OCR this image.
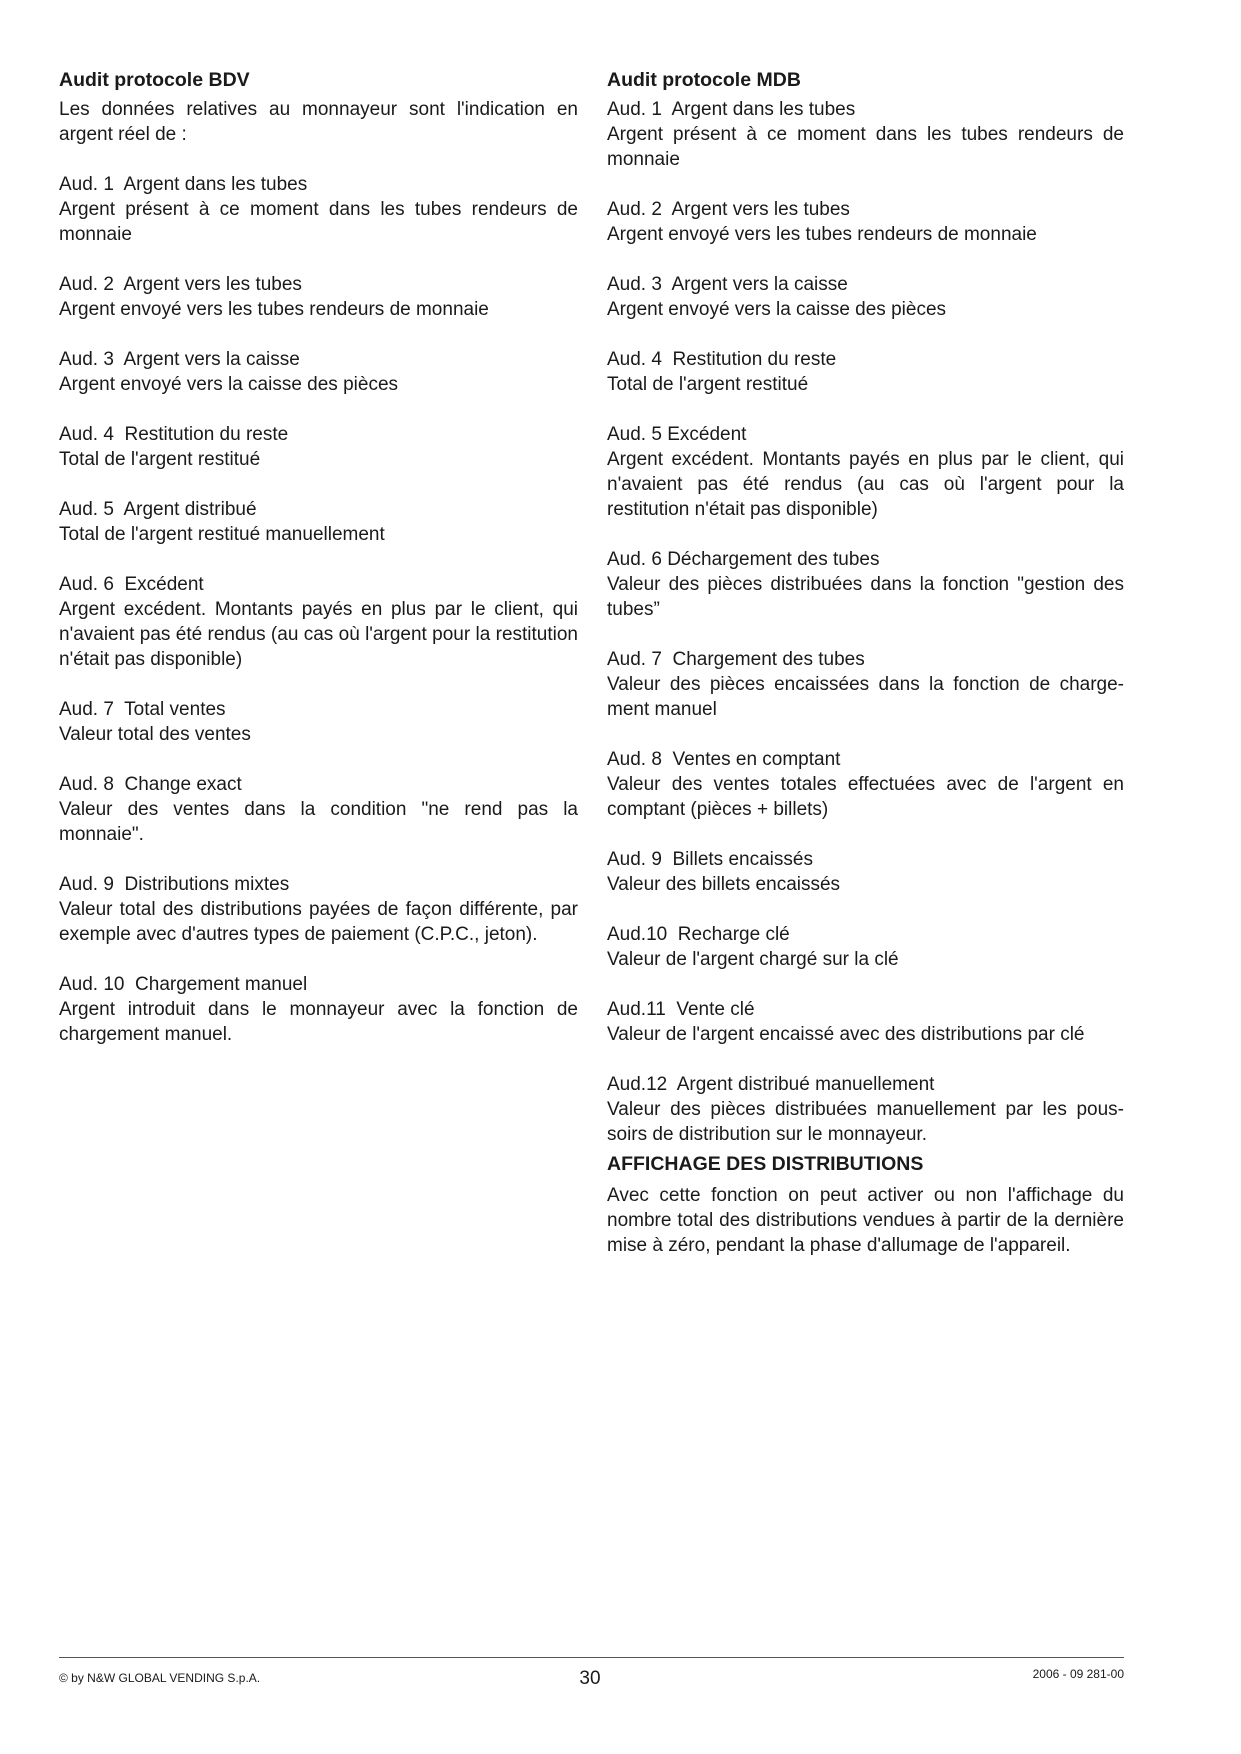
Audit protocole BDV
Les données relatives au monnayeur sont l'indication en argent réel de :
Aud. 1  Argent dans les tubes
Argent présent à ce moment dans les tubes rendeurs de monnaie
Aud. 2  Argent vers les tubes
Argent envoyé vers les tubes rendeurs de monnaie
Aud. 3  Argent vers la caisse
Argent envoyé vers la caisse des pièces
Aud. 4  Restitution du reste
Total de l'argent restitué
Aud. 5  Argent distribué
Total de l'argent restitué manuellement
Aud. 6  Excédent
Argent excédent. Montants payés en plus par le client, qui n'avaient pas été rendus (au cas où l'argent pour la restitution n'était pas disponible)
Aud. 7  Total ventes
Valeur total des ventes
Aud. 8  Change exact
Valeur des ventes dans la condition "ne rend pas la monnaie".
Aud. 9  Distributions mixtes
Valeur total des distributions payées de façon différente, par exemple avec d'autres types de paiement (C.P.C., jeton).
Aud. 10  Chargement manuel
Argent introduit dans le monnayeur avec la fonction de chargement manuel.
Audit protocole MDB
Aud. 1  Argent dans les tubes
Argent présent à ce moment dans les tubes rendeurs de monnaie
Aud. 2  Argent vers les tubes
Argent envoyé vers les tubes rendeurs de monnaie
Aud. 3  Argent vers la caisse
Argent envoyé vers la caisse des pièces
Aud. 4  Restitution du reste
Total de l'argent restitué
Aud. 5 Excédent
Argent excédent. Montants payés en plus par le client, qui n'avaient pas été rendus (au cas où l'argent pour la restitution n'était pas disponible)
Aud. 6 Déchargement des tubes
Valeur des pièces distribuées dans la fonction "gestion des tubes”
Aud. 7  Chargement des tubes
Valeur des pièces encaissées dans la fonction de charge-ment manuel
Aud. 8  Ventes en comptant
Valeur des ventes totales effectuées avec de l'argent en comptant (pièces + billets)
Aud. 9  Billets encaissés
Valeur des billets encaissés
Aud.10  Recharge clé
Valeur de l'argent chargé sur la clé
Aud.11  Vente clé
Valeur de l'argent encaissé avec des distributions par clé
Aud.12  Argent distribué manuellement
Valeur des pièces distribuées manuellement par les pous-soirs de distribution sur le monnayeur.
AFFICHAGE DES DISTRIBUTIONS

Avec cette fonction on peut activer ou non l'affichage du nombre total des distributions vendues à partir de la dernière mise à zéro, pendant la phase d'allumage de l'appareil.

© by N&W GLOBAL VENDING S.p.A.	30	2006 - 09 281-00
